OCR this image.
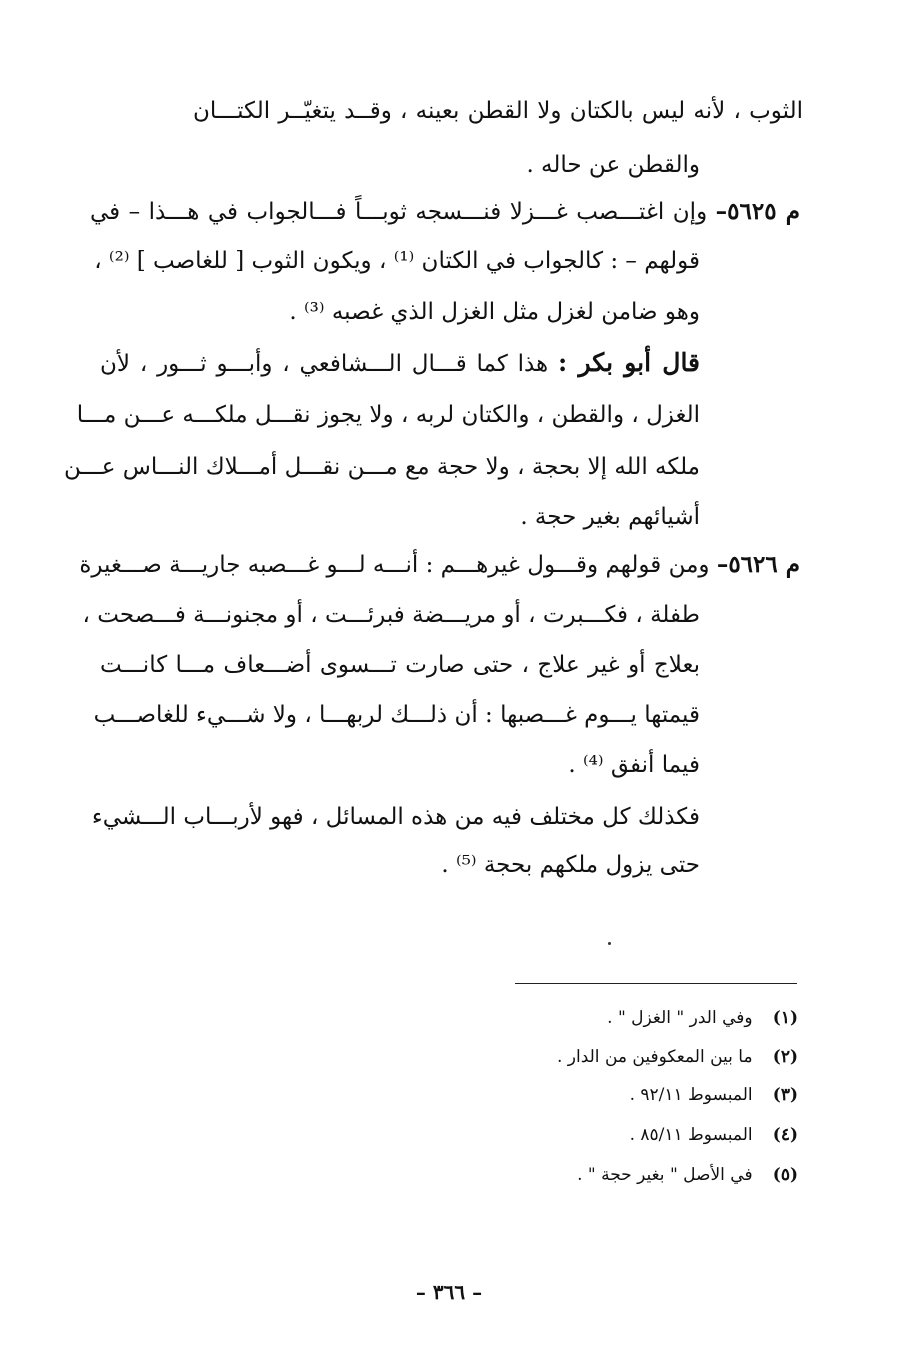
الثوب ، لأنه ليس بالكتان ولا القطن بعينه ، وقــد يتغيّــر الكتـــان
والقطن عن حاله .
م ٥٦٢٥– وإن اغتـــصب غـــزلا فنـــسجه ثوبـــاً فـــالجواب في هـــذا – في
قولهم – : كالجواب في الكتان ⁽¹⁾ ، ويكون الثوب [ للغاصب ] ⁽²⁾ ،
وهو ضامن لغزل مثل الغزل الذي غصبه ⁽³⁾ .
قال أبو بكر : هذا كما قـــال الـــشافعي ، وأبـــو ثـــور ، لأن
الغزل ، والقطن ، والكتان لربه ، ولا يجوز نقـــل ملكـــه عـــن مـــا
ملكه الله إلا بحجة ، ولا حجة مع مـــن نقـــل أمـــلاك النـــاس عـــن
أشيائهم بغير حجة .
م ٥٦٢٦– ومن قولهم وقـــول غيرهـــم : أنـــه لـــو غـــصبه جاريـــة صـــغيرة
طفلة ، فكـــبرت ، أو مريـــضة فبرئـــت ، أو مجنونـــة فـــصحت ،
بعلاج أو غير علاج ، حتى صارت تـــسوى أضـــعاف مـــا كانـــت
قيمتها يـــوم غـــصبها : أن ذلـــك لربهـــا ، ولا شـــيء للغاصـــب
فيما أنفق ⁽⁴⁾ .
فكذلك كل مختلف فيه من هذه المسائل ، فهو لأربـــاب الـــشيء
حتى يزول ملكهم بحجة ⁽⁵⁾ .
(١) وفي الدر " الغزل " .
(٢) ما بين المعكوفين من الدار .
(٣) المبسوط ٩٢/١١ .
(٤) المبسوط ٨٥/١١ .
(٥) في الأصل " بغير حجة " .
– ٣٦٦ –
